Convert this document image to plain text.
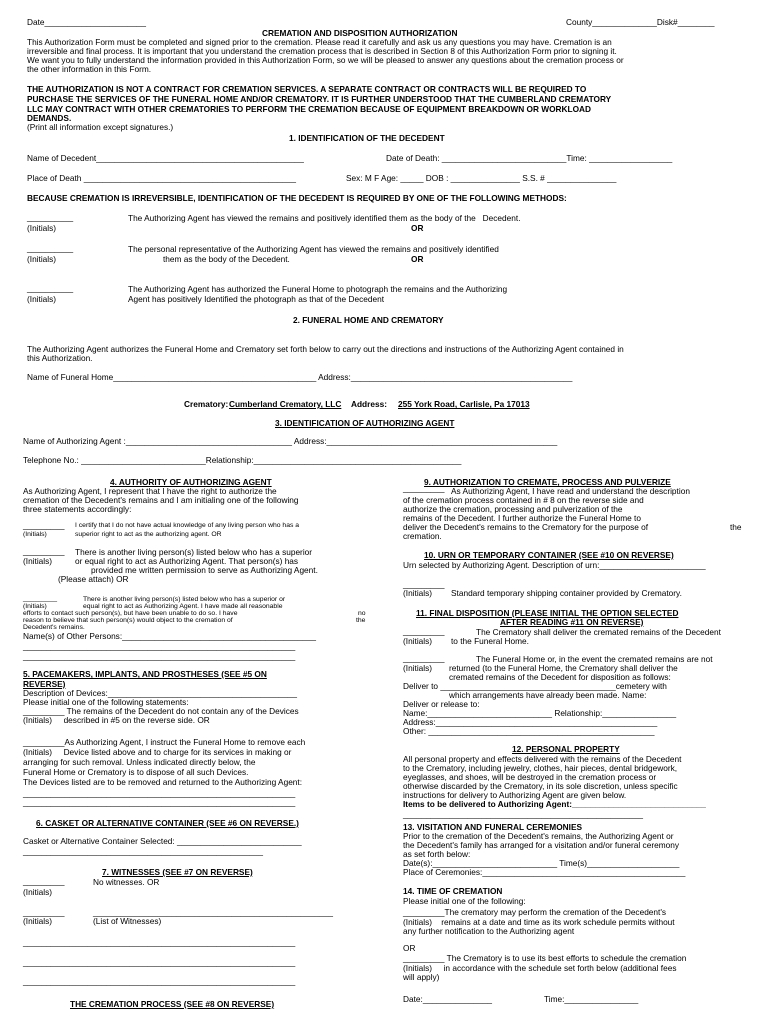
Date______________________	County______________Disk#________
CREMATION AND DISPOSITION AUTHORIZATION
This Authorization Form must be completed and signed prior to the cremation. Please read it carefully and ask us any questions you may have. Cremation is an
irreversible and final process. It is important that you understand the cremation process that is described in Section 8 of this Authorization Form prior to signing it.
We want you to fully understand the information provided in this Authorization Form, so we will be pleased to answer any questions about the cremation process or
the other information in this Form.
THE AUTHORIZATION IS NOT A CONTRACT FOR CREMATION SERVICES. A SEPARATE CONTRACT OR CONTRACTS WILL BE REQUIRED TO
PURCHASE THE SERVICES OF THE FUNERAL HOME AND/OR CREMATORY. IT IS FURTHER UNDERSTOOD THAT THE CUMBERLAND CREMATORY
LLC MAY CONTRACT WITH OTHER CREMATORIES TO PERFORM THE CREMATION BECAUSE OF EQUIPMENT BREAKDOWN OR WORKLOAD
DEMANDS.
(Print all information except signatures.)
1. IDENTIFICATION OF THE DECEDENT
Name of Decedent_____________________________________________	Date of Death: ___________________________Time: __________________
Place of Death ______________________________________________	Sex: M F Age: _____ DOB : _______________ S.S. # _______________
BECAUSE CREMATION IS IRREVERSIBLE, IDENTIFICATION OF THE DECEDENT IS REQUIRED BY ONE OF THE FOLLOWING METHODS:
__________
(Initials)
The Authorizing Agent has viewed the remains and positively identified them as the body of the   Decedent.
OR
__________
(Initials)
The personal representative of the Authorizing Agent has viewed the remains and positively identified
them as the body of the Decedent.	OR
__________
(Initials)
The Authorizing Agent has authorized the Funeral Home to photograph the remains and the Authorizing
Agent has positively Identified the photograph as that of the Decedent
2. FUNERAL HOME AND CREMATORY
The Authorizing Agent authorizes the Funeral Home and Crematory set forth below to carry out the directions and instructions of the Authorizing Agent contained in
this Authorization.
Name of Funeral Home____________________________________________ Address:________________________________________________
Crematory: Cumberland Crematory, LLC Address: 255 York Road, Carlisle, Pa 17013
3. IDENTIFICATION OF AUTHORIZING AGENT
Name of Authorizing Agent :____________________________________ Address:__________________________________________________
Telephone No.: ___________________________Relationship:_____________________________________________
4. AUTHORITY OF AUTHORIZING AGENT
As Authorizing Agent, I represent that I have the right to authorize the
cremation of the Decedent's remains and I am initialing one of the following
three statements accordingly:
_________ I certify that I do not have actual knowledge of any living person who has a
(Initials)	superior right to act as the authorizing agent. OR
_________ There is another living person(s) listed below who has a superior
(Initials)	or equal right to act as Authorizing Agent. That person(s) has
provided me written permission to serve as Authorizing Agent.
(Please attach) OR
_________	There is another living person(s) listed below who has a superior or
(Initials)	equal right to act as Authorizing Agent. I have made all reasonable
efforts to contact such person(s), but have been unable to do so. I have	no
reason to believe that such person(s) would object to the cremation of	the
Decedent's remains.
Name(s) of Other Persons:__________________________________________
___________________________________________________________
___________________________________________________________
5. PACEMAKERS, IMPLANTS, AND PROSTHESES (SEE #5 ON
REVERSE)
Description of Devices:_________________________________________
Please initial one of the following statements:
_________ The remains of the Decedent do not contain any of the Devices
(Initials)     described in #5 on the reverse side. OR
_________As Authorizing Agent, I instruct the Funeral Home to remove each
(Initials)     Device listed above and to charge for its services in making or
arranging for such removal. Unless indicated directly below, the
Funeral Home or Crematory is to dispose of all such Devices.
The Devices listed are to be removed and returned to the Authorizing Agent:
___________________________________________________________
___________________________________________________________
6. CASKET OR ALTERNATIVE CONTAINER (SEE #6 ON REVERSE.)
Casket or Alternative Container Selected: ___________________________
____________________________________________________
7. WITNESSES (SEE #7 ON REVERSE)
_________	No witnesses. OR
(Initials)
_________	____________________________________________________
(Initials)	(List of Witnesses)
___________________________________________________________
___________________________________________________________
___________________________________________________________
THE CREMATION PROCESS (SEE #8 ON REVERSE)
9. AUTHORIZATION TO CREMATE, PROCESS AND PULVERIZE
_________ As Authorizing Agent, I have read and understand the description
of the cremation process contained in # 8 on the reverse side and
authorize the cremation, processing and pulverization of the
remains of the Decedent. I further authorize the Funeral Home to
deliver the Decedent's remains to the Crematory for the purpose of	the
cremation.
10. URN OR TEMPORARY CONTAINER (SEE #10 ON REVERSE)
Urn selected by Authorizing Agent. Description of urn:_______________________
_________
(Initials) Standard temporary shipping container provided by Crematory.
11. FINAL DISPOSITION (PLEASE INITIAL THE OPTION SELECTED
AFTER READING #11 ON REVERSE)
_________	The Crematory shall deliver the cremated remains of the Decedent
(Initials) to the Funeral Home.
_________	The Funeral Home or, in the event the cremated remains are not
(Initials) returned (to the Funeral Home, the Crematory shall deliver the
cremated remains of the Decedent for disposition as follows:
Deliver to ______________________________________cemetery with
which arrangements have already been made. Name:
Deliver or release to:
Name:___________________________ Relationship:________________
Address:________________________________________________
Other: _________________________________________________
12. PERSONAL PROPERTY
All personal property and effects delivered with the remains of the Decedent
to the Crematory, including jewelry, clothes, hair pieces, dental bridgework,
eyeglasses, and shoes, will be destroyed in the cremation process or
otherwise discarded by the Crematory, in its sole discretion, unless specific
instructions for delivery to Authorizing Agent are given below.
Items to be delivered to Authorizing Agent:_____________________________
____________________________________________________
13. VISITATION AND FUNERAL CEREMONIES
Prior to the cremation of the Decedent's remains, the Authorizing Agent or
the Decedent's family has arranged for a visitation and/or funeral ceremony
as set forth below:
Date(s):___________________________ Time(s)____________________
Place of Ceremonies:____________________________________________
14. TIME OF CREMATION
Please initial one of the following:
_________The crematory may perform the cremation of the Decedent's
(Initials)    remains at a date and time as its work schedule permits without
any further notification to the Authorizing agent
OR
_________ The Crematory is to use its best efforts to schedule the cremation
(Initials)     in accordance with the schedule set forth below (additional fees
will apply)
Date:_______________	Time:________________
